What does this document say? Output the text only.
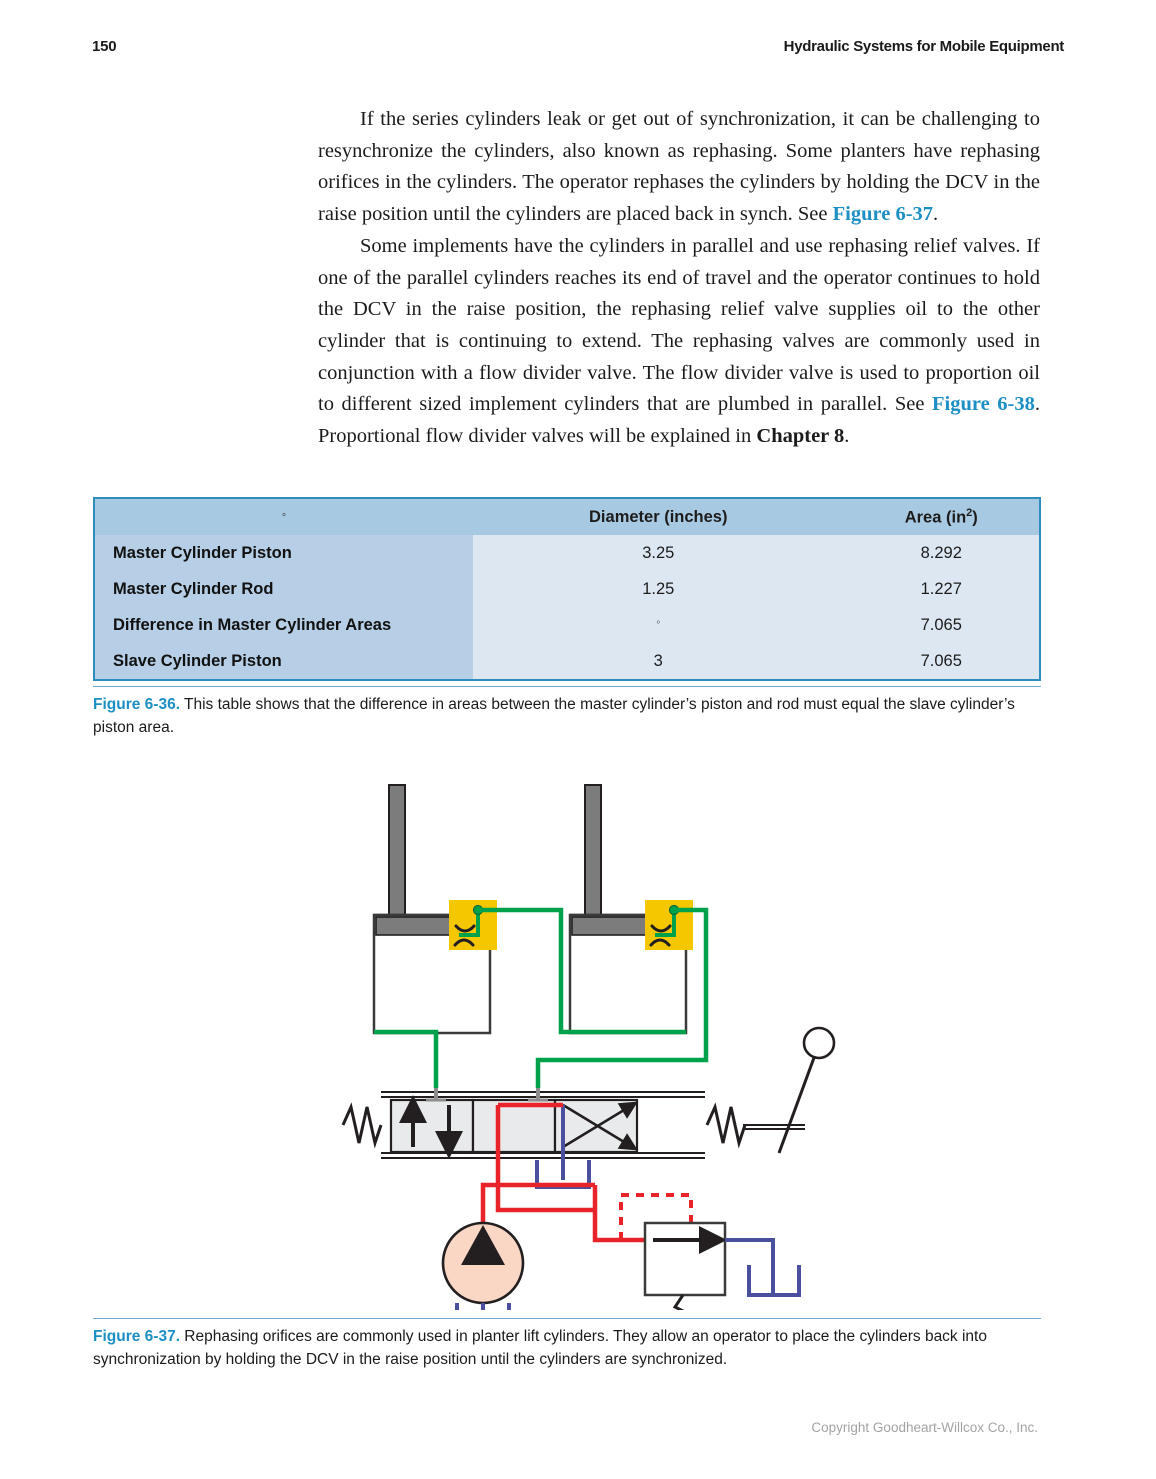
150	Hydraulic Systems for Mobile Equipment

If the series cylinders leak or get out of synchronization, it can be challenging to resynchronize the cylinders, also known as rephasing. Some planters have rephasing orifices in the cylinders. The operator rephases the cylinders by holding the DCV in the raise position until the cylinders are placed back in synch. See Figure 6-37.

Some implements have the cylinders in parallel and use rephasing relief valves. If one of the parallel cylinders reaches its end of travel and the operator continues to hold the DCV in the raise position, the rephasing relief valve supplies oil to the other cylinder that is continuing to extend. The rephasing valves are commonly used in conjunction with a flow divider valve. The flow divider valve is used to proportion oil to different sized implement cylinders that are plumbed in parallel. See Figure 6-38. Proportional flow divider valves will be explained in Chapter 8.

°	Diameter (inches)	Area $(in^2)$
Master Cylinder Piston	3.25	8.292
Master Cylinder Rod	1.25	1.227
Difference in Master Cylinder Areas	°	7.065
Slave Cylinder Piston	3	7.065
Figure 6-36. This table shows that the difference in areas between the master cylinder’s piston and rod must equal the slave cylinder’s piston area.
Figure 6-37. Rephasing orifices are commonly used in planter lift cylinders. They allow an operator to place the cylinders back into synchronization by holding the DCV in the raise position until the cylinders are synchronized.
Copyright Goodheart-Willcox Co., Inc.
